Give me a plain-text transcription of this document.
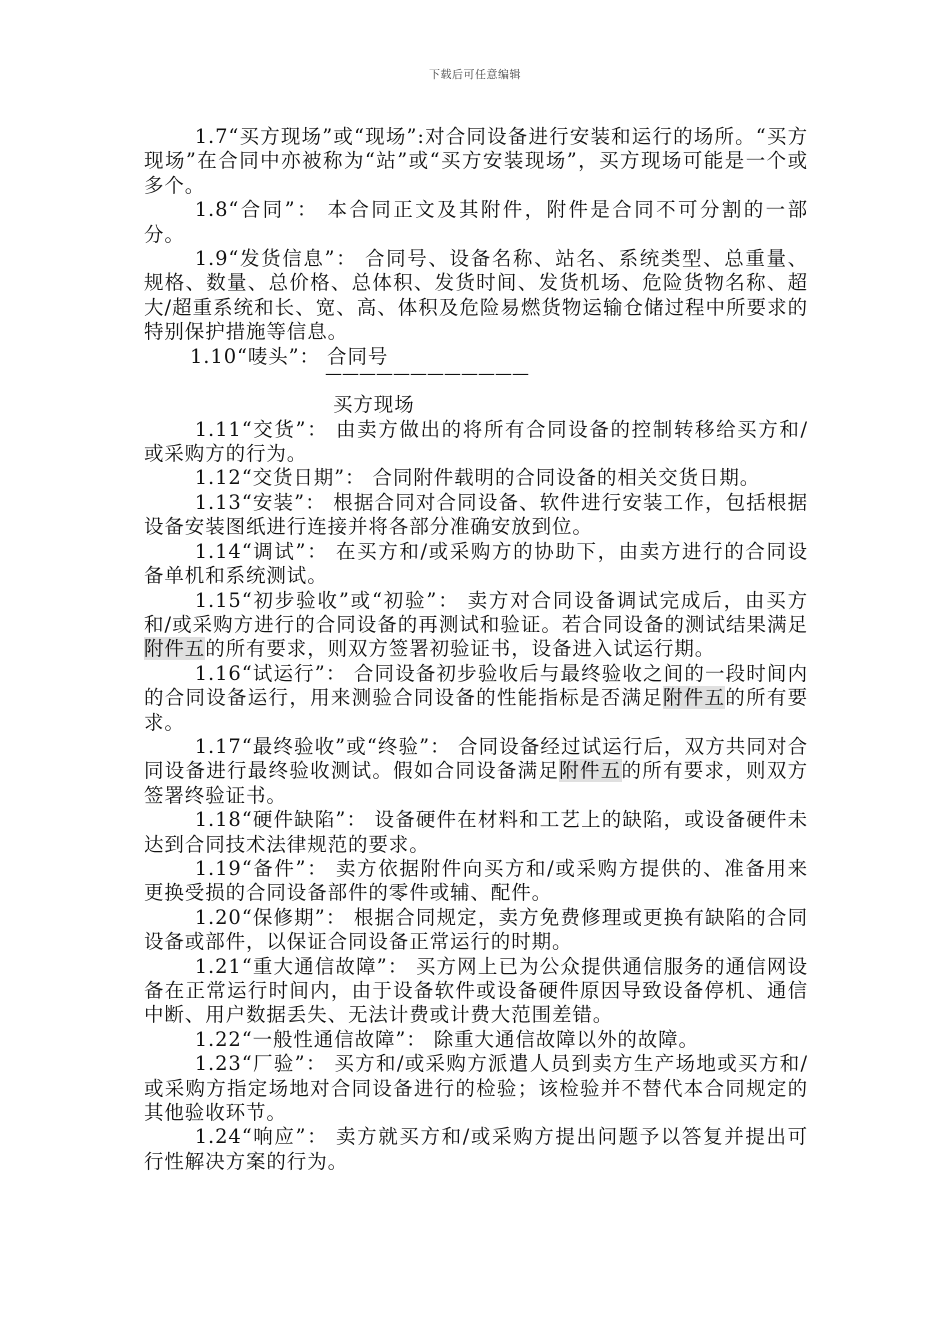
下载后可任意编辑

1.7“买方现场”或“现场”:对合同设备进行安装和运行的场所。“买方现场”在合同中亦被称为“站”或“买方安装现场”，买方现场可能是一个或多个。

1.8“合同”： 本合同正文及其附件，附件是合同不可分割的一部分。

1.9“发货信息”： 合同号、设备名称、站名、系统类型、总重量、规格、数量、总价格、总体积、发货时间、发货机场、危险货物名称、超大/超重系统和长、宽、高、体积及危险易燃货物运输仓储过程中所要求的特别保护措施等信息。

1.10“唛头”： 合同号
————————————
买方现场

1.11“交货”： 由卖方做出的将所有合同设备的控制转移给买方和/或采购方的行为。

1.12“交货日期”： 合同附件载明的合同设备的相关交货日期。

1.13“安装”： 根据合同对合同设备、软件进行安装工作，包括根据设备安装图纸进行连接并将各部分准确安放到位。

1.14“调试”： 在买方和/或采购方的协助下，由卖方进行的合同设备单机和系统测试。

1.15“初步验收”或“初验”： 卖方对合同设备调试完成后，由买方和/或采购方进行的合同设备的再测试和验证。若合同设备的测试结果满足附件五的所有要求，则双方签署初验证书，设备进入试运行期。

1.16“试运行”： 合同设备初步验收后与最终验收之间的一段时间内的合同设备运行，用来测验合同设备的性能指标是否满足附件五的所有要求。

1.17“最终验收”或“终验”： 合同设备经过试运行后，双方共同对合同设备进行最终验收测试。假如合同设备满足附件五的所有要求，则双方签署终验证书。

1.18“硬件缺陷”： 设备硬件在材料和工艺上的缺陷，或设备硬件未达到合同技术法律规范的要求。

1.19“备件”： 卖方依据附件向买方和/或采购方提供的、准备用来更换受损的合同设备部件的零件或辅、配件。

1.20“保修期”： 根据合同规定，卖方免费修理或更换有缺陷的合同设备或部件，以保证合同设备正常运行的时期。

1.21“重大通信故障”： 买方网上已为公众提供通信服务的通信网设备在正常运行时间内，由于设备软件或设备硬件原因导致设备停机、通信中断、用户数据丢失、无法计费或计费大范围差错。

1.22“一般性通信故障”： 除重大通信故障以外的故障。

1.23“厂验”： 买方和/或采购方派遣人员到卖方生产场地或买方和/或采购方指定场地对合同设备进行的检验；该检验并不替代本合同规定的其他验收环节。

1.24“响应”： 卖方就买方和/或采购方提出问题予以答复并提出可行性解决方案的行为。
